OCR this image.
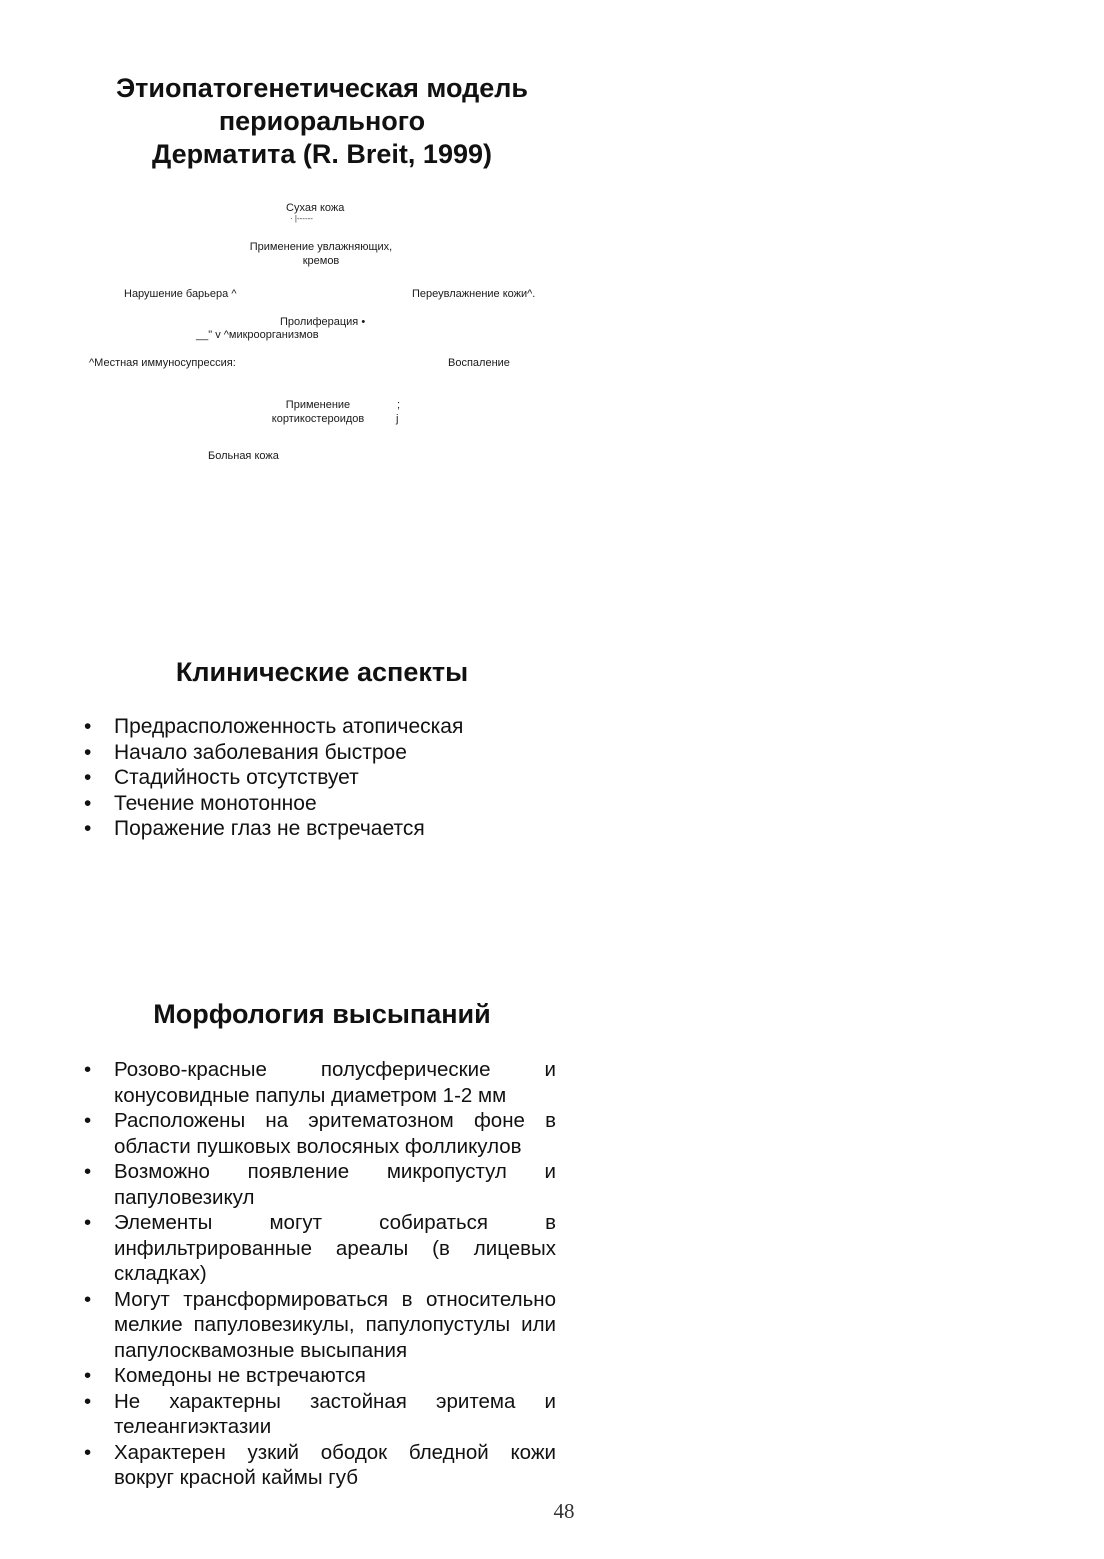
Этиопатогенетическая модель
периорального
Дерматита (R. Breit, 1999)
Сухая кожа
· |------
Применение увлажняющих,
кремов
Нарушение барьера ^	Переувлажнение кожи^.
Пролиферация •
__" v ^микроорганизмов
^Местная иммуносупрессия:	Воспаление
Применение
кортикостероидов
;
j
Больная кожа
Клинические аспекты
• Предрасположенность атопическая
• Начало заболевания быстрое
• Стадийность отсутствует
• Течение монотонное
• Поражение глаз не встречается
Морфология высыпаний
• Розово-красные полусферические и конусовидные папулы диаметром 1-2 мм
• Расположены на эритематозном фоне в области пушковых волосяных фолликулов
• Возможно появление микропустул и папуловезикул
• Элементы могут собираться в инфильтрированные ареалы (в лицевых складках)
• Могут трансформироваться в относительно мелкие папуловезикулы, папулопустулы или папулосквамозные высыпания
• Комедоны не встречаются
• Не характерны застойная эритема и телеангиэктазии
• Характерен узкий ободок бледной кожи вокруг красной каймы губ
48
